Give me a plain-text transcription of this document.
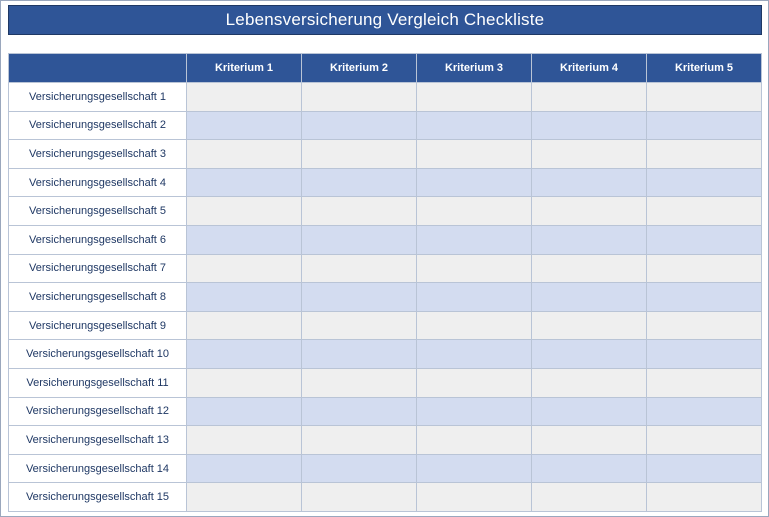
Lebensversicherung Vergleich Checkliste
	Kriterium 1	Kriterium 2	Kriterium 3	Kriterium 4	Kriterium 5
Versicherungsgesellschaft 1					
Versicherungsgesellschaft 2					
Versicherungsgesellschaft 3					
Versicherungsgesellschaft 4					
Versicherungsgesellschaft 5					
Versicherungsgesellschaft 6					
Versicherungsgesellschaft 7					
Versicherungsgesellschaft 8					
Versicherungsgesellschaft 9					
Versicherungsgesellschaft 10					
Versicherungsgesellschaft 11					
Versicherungsgesellschaft 12					
Versicherungsgesellschaft 13					
Versicherungsgesellschaft 14					
Versicherungsgesellschaft 15					
